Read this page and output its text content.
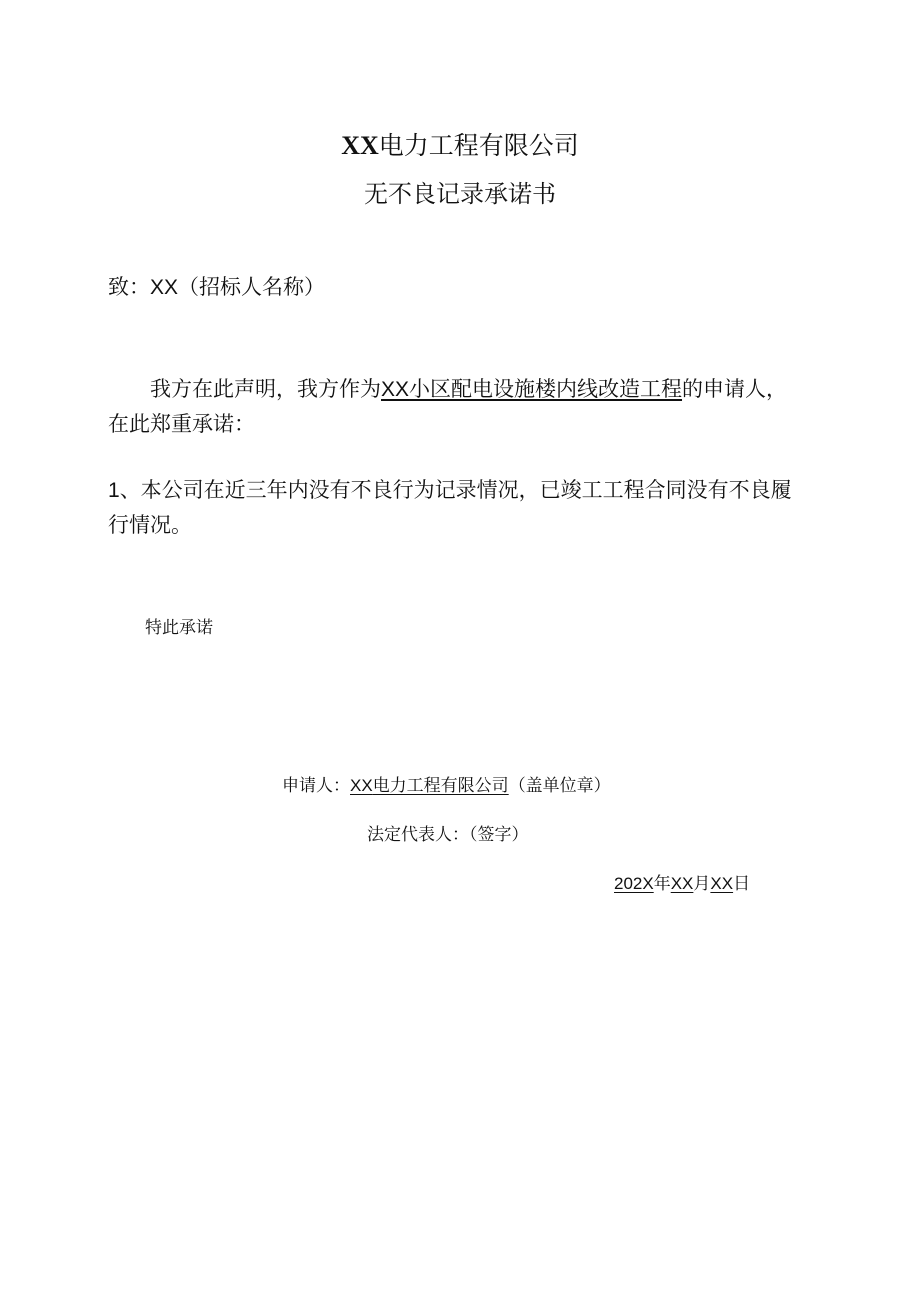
XX电力工程有限公司
无不良记录承诺书
致：XX（招标人名称）
我方在此声明，我方作为XX小区配电设施楼内线改造工程的申请人，
在此郑重承诺：
1、本公司在近三年内没有不良行为记录情况，已竣工工程合同没有不良履
行情况。
特此承诺
申请人：XX电力工程有限公司（盖单位章）
法定代表人：（签字）
202X年XX月XX日
